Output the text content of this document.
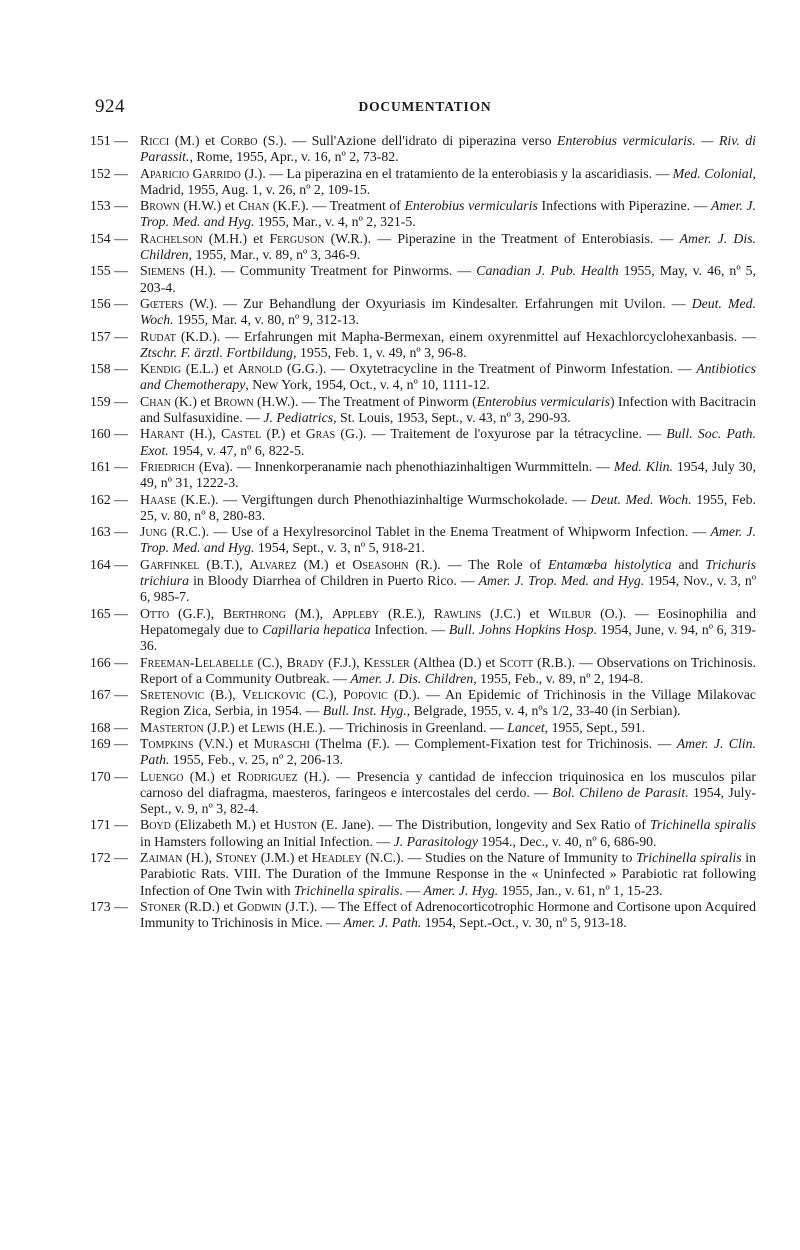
924	DOCUMENTATION
151 — Ricci (M.) et Corbo (S.). — Sull'Azione dell'idrato di piperazina verso Enterobius vermicularis. — Riv. di Parassit., Rome, 1955, Apr., v. 16, nº 2, 73-82.
152 — Aparicio Garrido (J.). — La piperazina en el tratamiento de la enterobiasis y la ascaridiasis. — Med. Colonial, Madrid, 1955, Aug. 1, v. 26, nº 2, 109-15.
153 — Brown (H.W.) et Chan (K.F.). — Treatment of Enterobius vermicularis Infections with Piperazine. — Amer. J. Trop. Med. and Hyg. 1955, Mar., v. 4, nº 2, 321-5.
154 — Rachelson (M.H.) et Ferguson (W.R.). — Piperazine in the Treatment of Enterobiasis. — Amer. J. Dis. Children, 1955, Mar., v. 89, nº 3, 346-9.
155 — Siemens (H.). — Community Treatment for Pinworms. — Canadian J. Pub. Health 1955, May, v. 46, nº 5, 203-4.
156 — Gœters (W.). — Zur Behandlung der Oxyuriasis im Kindesalter. Erfahrungen mit Uvilon. — Deut. Med. Woch. 1955, Mar. 4, v. 80, nº 9, 312-13.
157 — Rudat (K.D.). — Erfahrungen mit Mapha-Bermexan, einem oxyrenmittel auf Hexachlorcyclohexanbasis. — Ztschr. F. ärztl. Fortbildung, 1955, Feb. 1, v. 49, nº 3, 96-8.
158 — Kendig (E.L.) et Arnold (G.G.). — Oxytetracycline in the Treatment of Pinworm Infestation. — Antibiotics and Chemotherapy, New York, 1954, Oct., v. 4, nº 10, 1111-12.
159 — Chan (K.) et Brown (H.W.). — The Treatment of Pinworm (Enterobius vermicularis) Infection with Bacitracin and Sulfasuxidine. — J. Pediatrics, St. Louis, 1953, Sept., v. 43, nº 3, 290-93.
160 — Harant (H.), Castel (P.) et Gras (G.). — Traitement de l'oxyurose par la tétracycline. — Bull. Soc. Path. Exot. 1954, v. 47, nº 6, 822-5.
161 — Friedrich (Eva). — Innenkorperanamie nach phenothiazinhaltigen Wurmmitteln. — Med. Klin. 1954, July 30, 49, nº 31, 1222-3.
162 — Haase (K.E.). — Vergiftungen durch Phenothiazinhaltige Wurmschokolade. — Deut. Med. Woch. 1955, Feb. 25, v. 80, nº 8, 280-83.
163 — Jung (R.C.). — Use of a Hexylresorcinol Tablet in the Enema Treatment of Whipworm Infection. — Amer. J. Trop. Med. and Hyg. 1954, Sept., v. 3, nº 5, 918-21.
164 — Garfinkel (B.T.), Alvarez (M.) et Oseasohn (R.). — The Role of Entamœba histolytica and Trichuris trichiura in Bloody Diarrhea of Children in Puerto Rico. — Amer. J. Trop. Med. and Hyg. 1954, Nov., v. 3, nº 6, 985-7.
165 — Otto (G.F.), Berthrong (M.), Appleby (R.E.), Rawlins (J.C.) et Wilbur (O.). — Eosinophilia and Hepatomegaly due to Capillaria hepatica Infection. — Bull. Johns Hopkins Hosp. 1954, June, v. 94, nº 6, 319-36.
166 — Freeman-Lelabelle (C.), Brady (F.J.), Kessler (Althea (D.) et Scott (R.B.). — Observations on Trichinosis. Report of a Community Outbreak. — Amer. J. Dis. Children, 1955, Feb., v. 89, nº 2, 194-8.
167 — Sretenovic (B.), Velickovic (C.), Popovic (D.). — An Epidemic of Trichinosis in the Village Milakovac Region Zica, Serbia, in 1954. — Bull. Inst. Hyg., Belgrade, 1955, v. 4, nºs 1/2, 33-40 (in Serbian).
168 — Masterton (J.P.) et Lewis (H.E.). — Trichinosis in Greenland. — Lancet, 1955, Sept., 591.
169 — Tompkins (V.N.) et Muraschi (Thelma (F.). — Complement-Fixation test for Trichinosis. — Amer. J. Clin. Path. 1955, Feb., v. 25, nº 2, 206-13.
170 — Luengo (M.) et Rodriguez (H.). — Presencia y cantidad de infeccion triquinosica en los musculos pilar carnoso del diafragma, maesteros, faringeos e intercostales del cerdo. — Bol. Chileno de Parasit. 1954, July-Sept., v. 9, nº 3, 82-4.
171 — Boyd (Elizabeth M.) et Huston (E. Jane). — The Distribution, longevity and Sex Ratio of Trichinella spiralis in Hamsters following an Initial Infection. — J. Parasitology 1954., Dec., v. 40, nº 6, 686-90.
172 — Zaiman (H.), Stoney (J.M.) et Headley (N.C.). — Studies on the Nature of Immunity to Trichinella spiralis in Parabiotic Rats. VIII. The Duration of the Immune Response in the « Uninfected » Parabiotic rat following Infection of One Twin with Trichinella spiralis. — Amer. J. Hyg. 1955, Jan., v. 61, nº 1, 15-23.
173 — Stoner (R.D.) et Godwin (J.T.). — The Effect of Adrenocorticotrophic Hormone and Cortisone upon Acquired Immunity to Trichinosis in Mice. — Amer. J. Path. 1954, Sept.-Oct., v. 30, nº 5, 913-18.
